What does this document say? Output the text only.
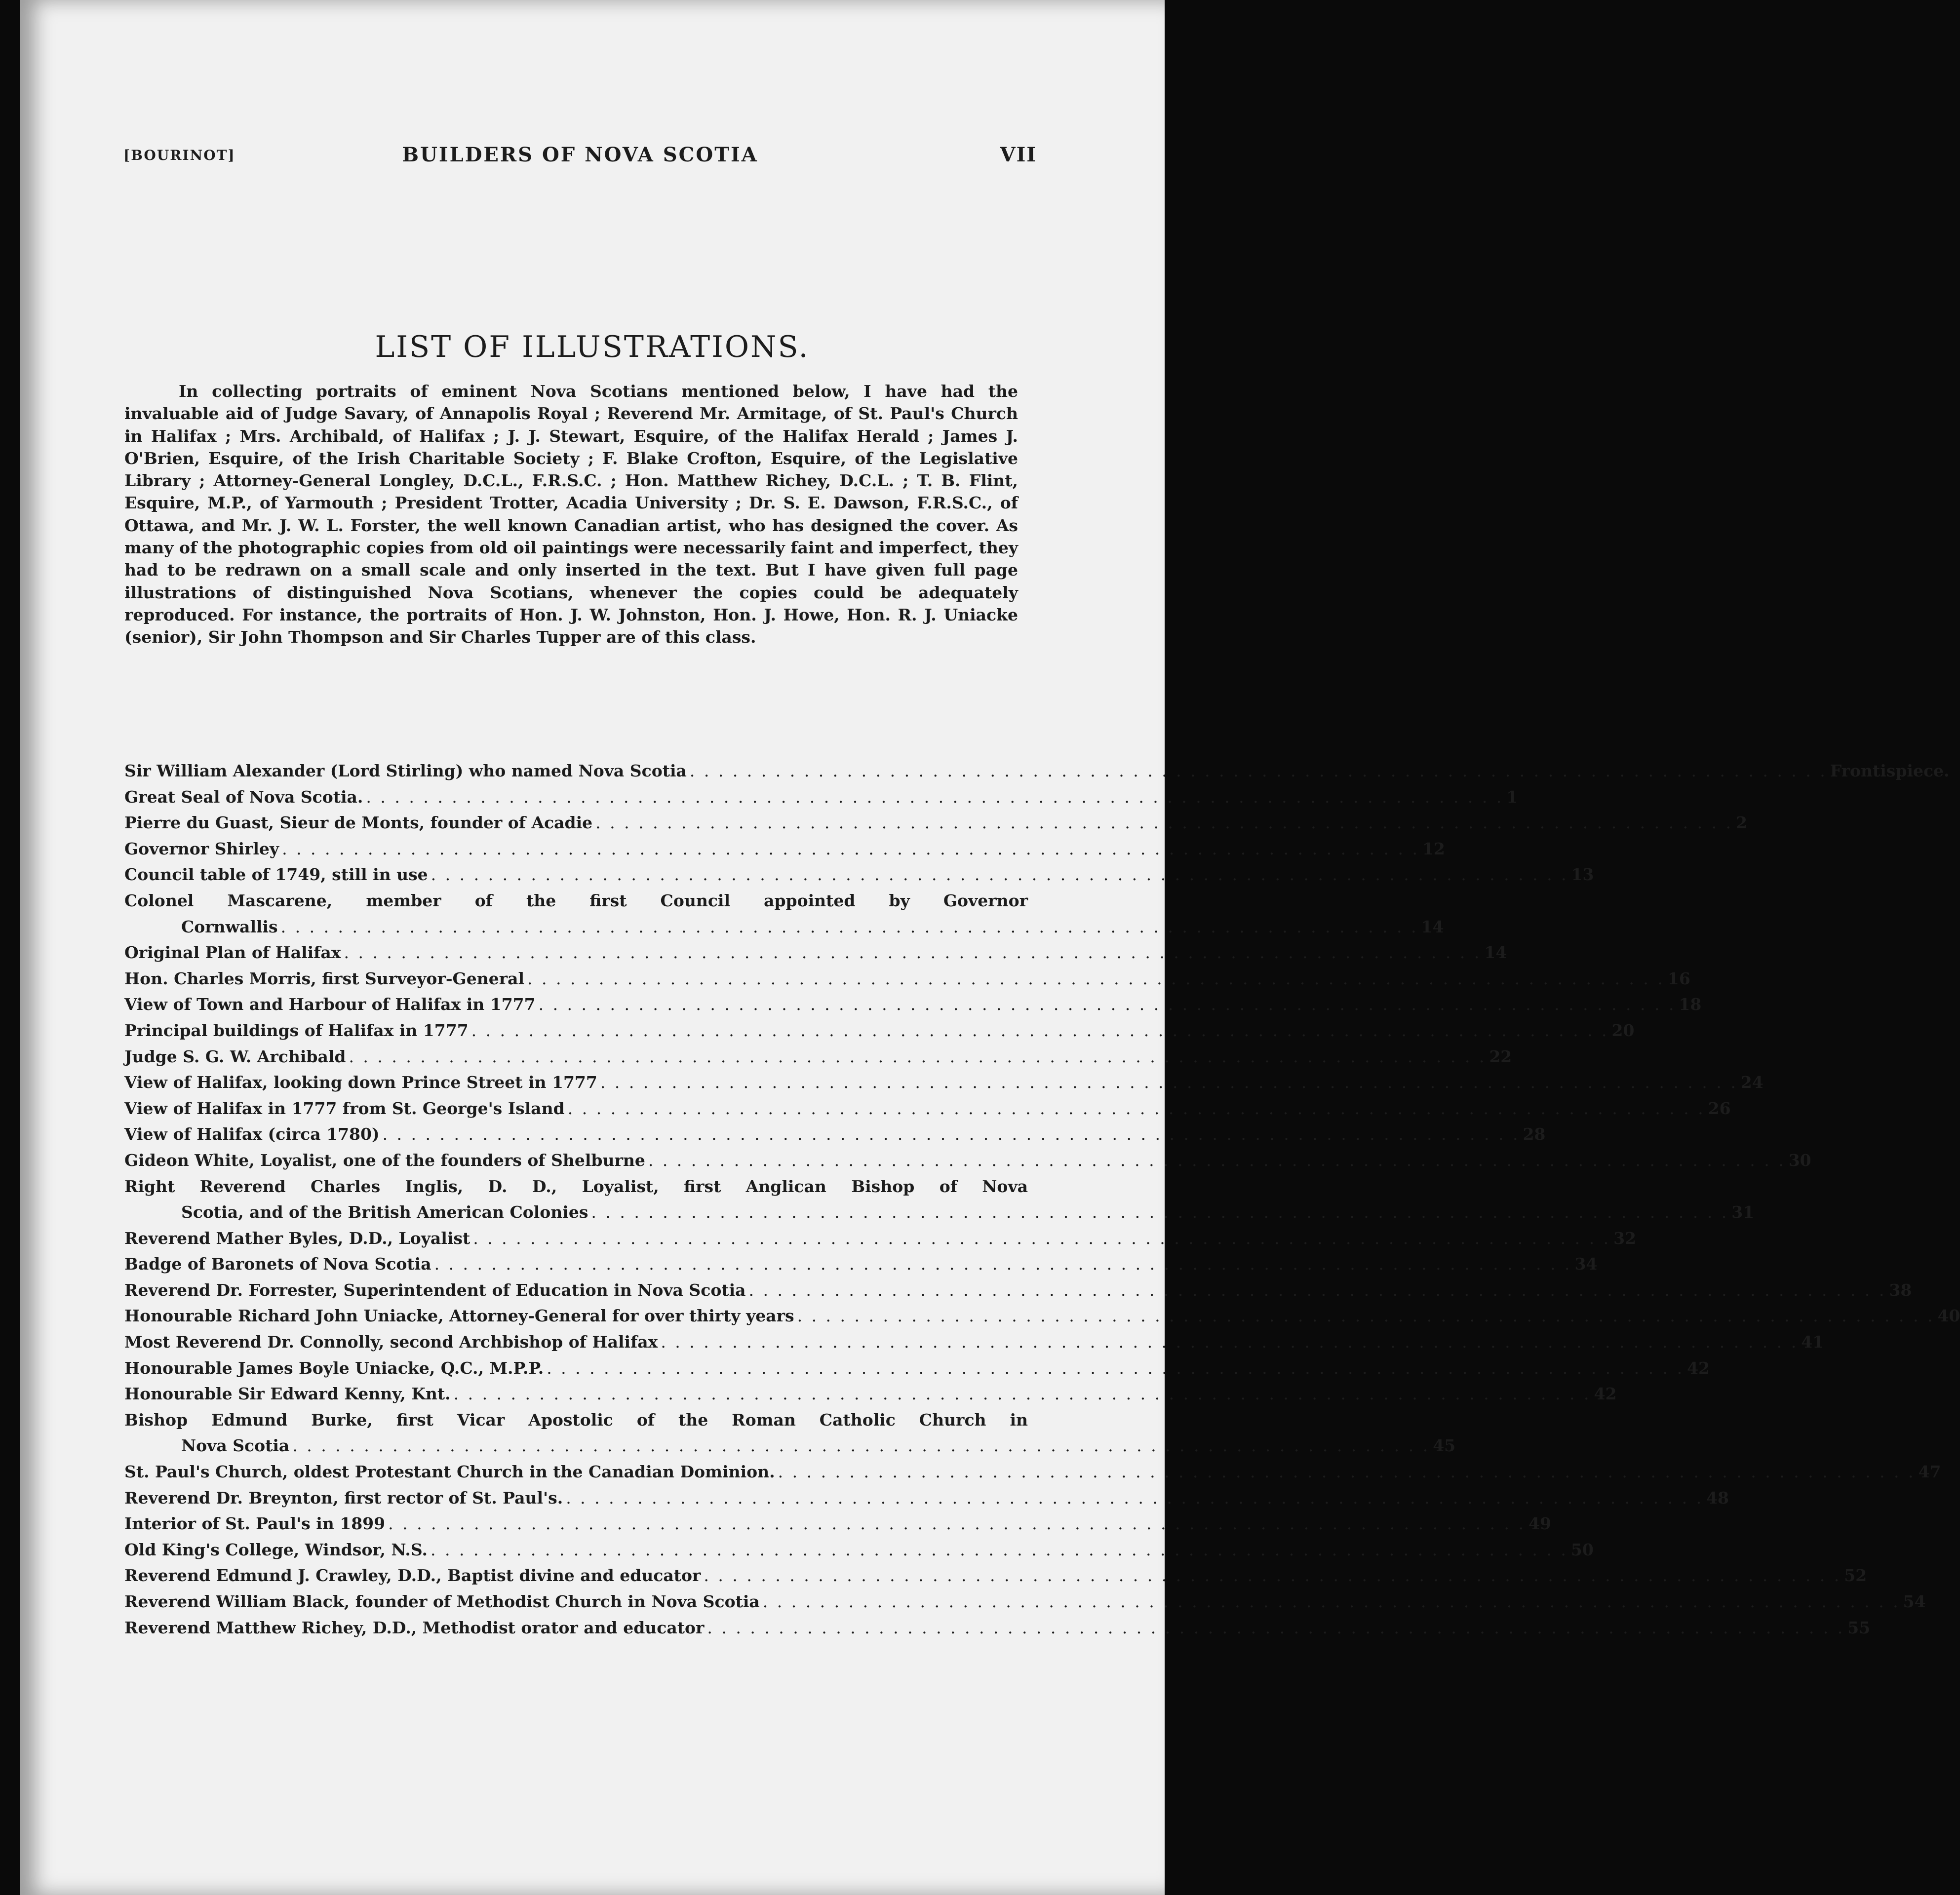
[BOURINOT]	BUILDERS OF NOVA SCOTIA	VII
LIST OF ILLUSTRATIONS.

In collecting portraits of eminent Nova Scotians mentioned below, I have had the invaluable aid of Judge Savary, of Annapolis Royal ; Reverend Mr. Armitage, of St. Paul's Church in Halifax ; Mrs. Archibald, of Halifax ; J. J. Stewart, Esquire, of the Halifax Herald ; James J. O'Brien, Esquire, of the Irish Charitable Society ; F. Blake Crofton, Esquire, of the Legislative Library ; Attorney-General Longley, D.C.L., F.R.S.C. ; Hon. Matthew Richey, D.C.L. ; T. B. Flint, Esquire, M.P., of Yarmouth ; President Trotter, Acadia University ; Dr. S. E. Dawson, F.R.S.C., of Ottawa, and Mr. J. W. L. Forster, the well known Canadian artist, who has designed the cover. As many of the photographic copies from old oil paintings were necessarily faint and imperfect, they had to be redrawn on a small scale and only inserted in the text. But I have given full page illustrations of distinguished Nova Scotians, whenever the copies could be adequately reproduced. For instance, the portraits of Hon. J. W. Johnston, Hon. J. Howe, Hon. R. J. Uniacke (senior), Sir John Thompson and Sir Charles Tupper are of this class.

Sir William Alexander (Lord Stirling) who named Nova Scotia . . . . . . . . . . . . . . . . . . . . . . . . . . . . . . . . . . . . . . . . . . . . . . . . . . . . . . . . . . . . . . . . . . . . . . . . . . . . . . . . Frontispiece.
Great Seal of Nova Scotia. . . . . . . . . . . . . . . . . . . . . . . . . . . . . . . . . . . . . . . . . . . . . . . . . . . . . . . . . . . . . . . . . . . . . . . . . . . . . . . . . 1
Pierre du Guast, Sieur de Monts, founder of Acadie . . . . . . . . . . . . . . . . . . . . . . . . . . . . . . . . . . . . . . . . . . . . . . . . . . . . . . . . . . . . . . . . . . . . . . . . . . . . . . . . 2
Governor Shirley . . . . . . . . . . . . . . . . . . . . . . . . . . . . . . . . . . . . . . . . . . . . . . . . . . . . . . . . . . . . . . . . . . . . . . . . . . . . . . . . 12
Council table of 1749, still in use . . . . . . . . . . . . . . . . . . . . . . . . . . . . . . . . . . . . . . . . . . . . . . . . . . . . . . . . . . . . . . . . . . . . . . . . . . . . . . . . 13
Colonel Mascarene, member of the first Council appointed by Governor
Cornwallis . . . . . . . . . . . . . . . . . . . . . . . . . . . . . . . . . . . . . . . . . . . . . . . . . . . . . . . . . . . . . . . . . . . . . . . . . . . . . . . . 14
Original Plan of Halifax . . . . . . . . . . . . . . . . . . . . . . . . . . . . . . . . . . . . . . . . . . . . . . . . . . . . . . . . . . . . . . . . . . . . . . . . . . . . . . . . 14
Hon. Charles Morris, first Surveyor-General . . . . . . . . . . . . . . . . . . . . . . . . . . . . . . . . . . . . . . . . . . . . . . . . . . . . . . . . . . . . . . . . . . . . . . . . . . . . . . . . 16
View of Town and Harbour of Halifax in 1777 . . . . . . . . . . . . . . . . . . . . . . . . . . . . . . . . . . . . . . . . . . . . . . . . . . . . . . . . . . . . . . . . . . . . . . . . . . . . . . . . 18
Principal buildings of Halifax in 1777 . . . . . . . . . . . . . . . . . . . . . . . . . . . . . . . . . . . . . . . . . . . . . . . . . . . . . . . . . . . . . . . . . . . . . . . . . . . . . . . . 20
Judge S. G. W. Archibald . . . . . . . . . . . . . . . . . . . . . . . . . . . . . . . . . . . . . . . . . . . . . . . . . . . . . . . . . . . . . . . . . . . . . . . . . . . . . . . . 22
View of Halifax, looking down Prince Street in 1777 . . . . . . . . . . . . . . . . . . . . . . . . . . . . . . . . . . . . . . . . . . . . . . . . . . . . . . . . . . . . . . . . . . . . . . . . . . . . . . . . 24
View of Halifax in 1777 from St. George's Island . . . . . . . . . . . . . . . . . . . . . . . . . . . . . . . . . . . . . . . . . . . . . . . . . . . . . . . . . . . . . . . . . . . . . . . . . . . . . . . . 26
View of Halifax (circa 1780) . . . . . . . . . . . . . . . . . . . . . . . . . . . . . . . . . . . . . . . . . . . . . . . . . . . . . . . . . . . . . . . . . . . . . . . . . . . . . . . . 28
Gideon White, Loyalist, one of the founders of Shelburne . . . . . . . . . . . . . . . . . . . . . . . . . . . . . . . . . . . . . . . . . . . . . . . . . . . . . . . . . . . . . . . . . . . . . . . . . . . . . . . . 30
Right Reverend Charles Inglis, D. D., Loyalist, first Anglican Bishop of Nova
Scotia, and of the British American Colonies . . . . . . . . . . . . . . . . . . . . . . . . . . . . . . . . . . . . . . . . . . . . . . . . . . . . . . . . . . . . . . . . . . . . . . . . . . . . . . . . 31
Reverend Mather Byles, D.D., Loyalist . . . . . . . . . . . . . . . . . . . . . . . . . . . . . . . . . . . . . . . . . . . . . . . . . . . . . . . . . . . . . . . . . . . . . . . . . . . . . . . . 32
Badge of Baronets of Nova Scotia . . . . . . . . . . . . . . . . . . . . . . . . . . . . . . . . . . . . . . . . . . . . . . . . . . . . . . . . . . . . . . . . . . . . . . . . . . . . . . . . 34
Reverend Dr. Forrester, Superintendent of Education in Nova Scotia . . . . . . . . . . . . . . . . . . . . . . . . . . . . . . . . . . . . . . . . . . . . . . . . . . . . . . . . . . . . . . . . . . . . . . . . . . . . . . . . 38
Honourable Richard John Uniacke, Attorney-General for over thirty years . . . . . . . . . . . . . . . . . . . . . . . . . . . . . . . . . . . . . . . . . . . . . . . . . . . . . . . . . . . . . . . . . . . . . . . . . . . . . . . . 40
Most Reverend Dr. Connolly, second Archbishop of Halifax . . . . . . . . . . . . . . . . . . . . . . . . . . . . . . . . . . . . . . . . . . . . . . . . . . . . . . . . . . . . . . . . . . . . . . . . . . . . . . . . 41
Honourable James Boyle Uniacke, Q.C., M.P.P. . . . . . . . . . . . . . . . . . . . . . . . . . . . . . . . . . . . . . . . . . . . . . . . . . . . . . . . . . . . . . . . . . . . . . . . . . . . . . . . . 42
Honourable Sir Edward Kenny, Knt. . . . . . . . . . . . . . . . . . . . . . . . . . . . . . . . . . . . . . . . . . . . . . . . . . . . . . . . . . . . . . . . . . . . . . . . . . . . . . . . . 42
Bishop Edmund Burke, first Vicar Apostolic of the Roman Catholic Church in
Nova Scotia . . . . . . . . . . . . . . . . . . . . . . . . . . . . . . . . . . . . . . . . . . . . . . . . . . . . . . . . . . . . . . . . . . . . . . . . . . . . . . . . 45
St. Paul's Church, oldest Protestant Church in the Canadian Dominion. . . . . . . . . . . . . . . . . . . . . . . . . . . . . . . . . . . . . . . . . . . . . . . . . . . . . . . . . . . . . . . . . . . . . . . . . . . . . . . . . 47
Reverend Dr. Breynton, first rector of St. Paul's. . . . . . . . . . . . . . . . . . . . . . . . . . . . . . . . . . . . . . . . . . . . . . . . . . . . . . . . . . . . . . . . . . . . . . . . . . . . . . . . . 48
Interior of St. Paul's in 1899 . . . . . . . . . . . . . . . . . . . . . . . . . . . . . . . . . . . . . . . . . . . . . . . . . . . . . . . . . . . . . . . . . . . . . . . . . . . . . . . . 49
Old King's College, Windsor, N.S. . . . . . . . . . . . . . . . . . . . . . . . . . . . . . . . . . . . . . . . . . . . . . . . . . . . . . . . . . . . . . . . . . . . . . . . . . . . . . . . . 50
Reverend Edmund J. Crawley, D.D., Baptist divine and educator . . . . . . . . . . . . . . . . . . . . . . . . . . . . . . . . . . . . . . . . . . . . . . . . . . . . . . . . . . . . . . . . . . . . . . . . . . . . . . . . 52
Reverend William Black, founder of Methodist Church in Nova Scotia . . . . . . . . . . . . . . . . . . . . . . . . . . . . . . . . . . . . . . . . . . . . . . . . . . . . . . . . . . . . . . . . . . . . . . . . . . . . . . . . 54
Reverend Matthew Richey, D.D., Methodist orator and educator . . . . . . . . . . . . . . . . . . . . . . . . . . . . . . . . . . . . . . . . . . . . . . . . . . . . . . . . . . . . . . . . . . . . . . . . . . . . . . . . 55
